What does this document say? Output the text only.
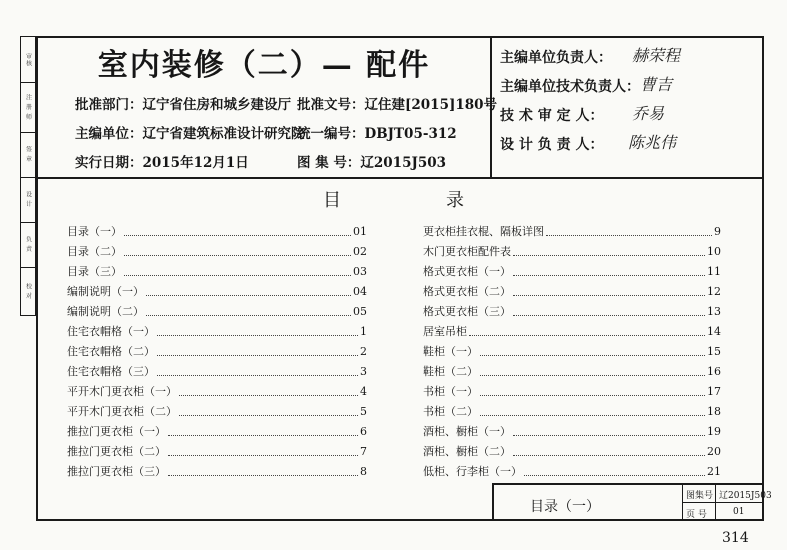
审核
注 册 师
签 章
设 计
负 责
校 对
室内装修（二）— 配件
批准部门：辽宁省住房和城乡建设厅 批准文号：辽住建[2015]180号
主编单位：辽宁省建筑标准设计研究院
统一编号：DBJT05-312
实行日期：2015年12月1日	图 集 号：辽2015J503
主编单位负责人： 赫荣程
主编单位技术负责人： 曹吉
技 术 审 定 人： 乔易
设 计 负 责 人： 陈兆伟
目	录
目录（一）	01
目录（二）	02
目录（三）	03
编制说明（一）	04
编制说明（二）	05
住宅衣帽格（一）	1
住宅衣帽格（二）	2
住宅衣帽格（三）	3
平开木门更衣柜（一）	4
平开木门更衣柜（二）	5
推拉门更衣柜（一）	6
推拉门更衣柜（二）	7
推拉门更衣柜（三）	8
更衣柜挂衣棍、隔板详图	9
木门更衣柜配件表	10
格式更衣柜（一）	11
格式更衣柜（二）	12
格式更衣柜（三）	13
居室吊柜	14
鞋柜（一）	15
鞋柜（二）	16
书柜（一）	17
书柜（二）	18
酒柜、橱柜（一）	19
酒柜、橱柜（二）	20
低柜、行李柜（一）	21
目录（一）
图集号 辽2015J503
页 号	01
314
